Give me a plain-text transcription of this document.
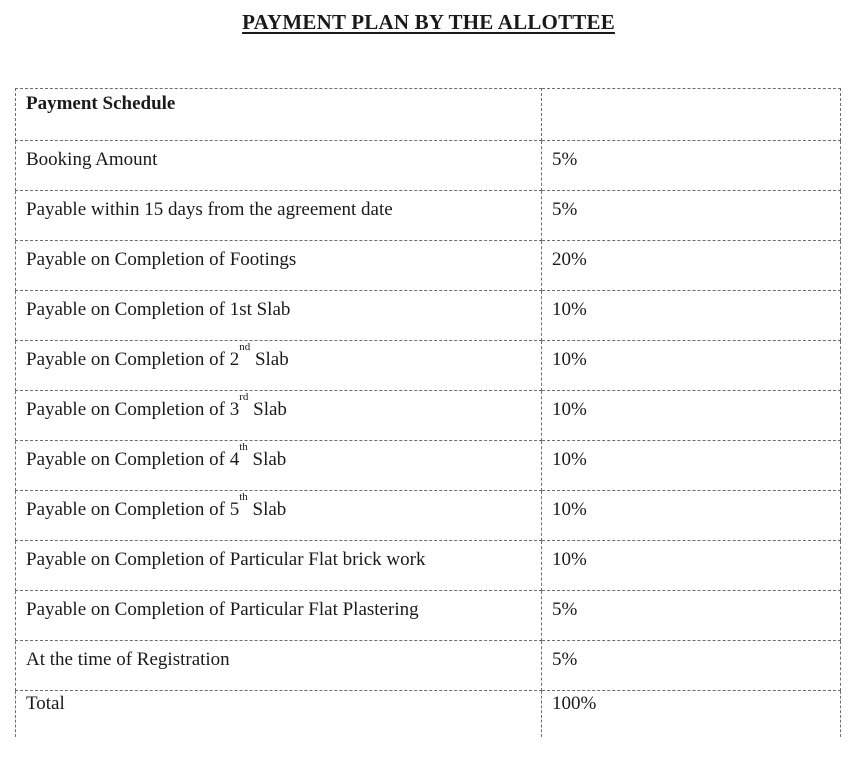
PAYMENT PLAN BY THE ALLOTTEE
Payment Schedule	
Booking Amount	5%
Payable within 15 days from the agreement date	5%
Payable on Completion of Footings	20%
Payable on Completion of 1st Slab	10%
Payable on Completion of 2nd Slab	10%
Payable on Completion of 3rd Slab	10%
Payable on Completion of 4th Slab	10%
Payable on Completion of 5th Slab	10%
Payable on Completion of Particular Flat brick work	10%
Payable on Completion of Particular Flat Plastering	5%
At the time of Registration	5%
Total	100%
